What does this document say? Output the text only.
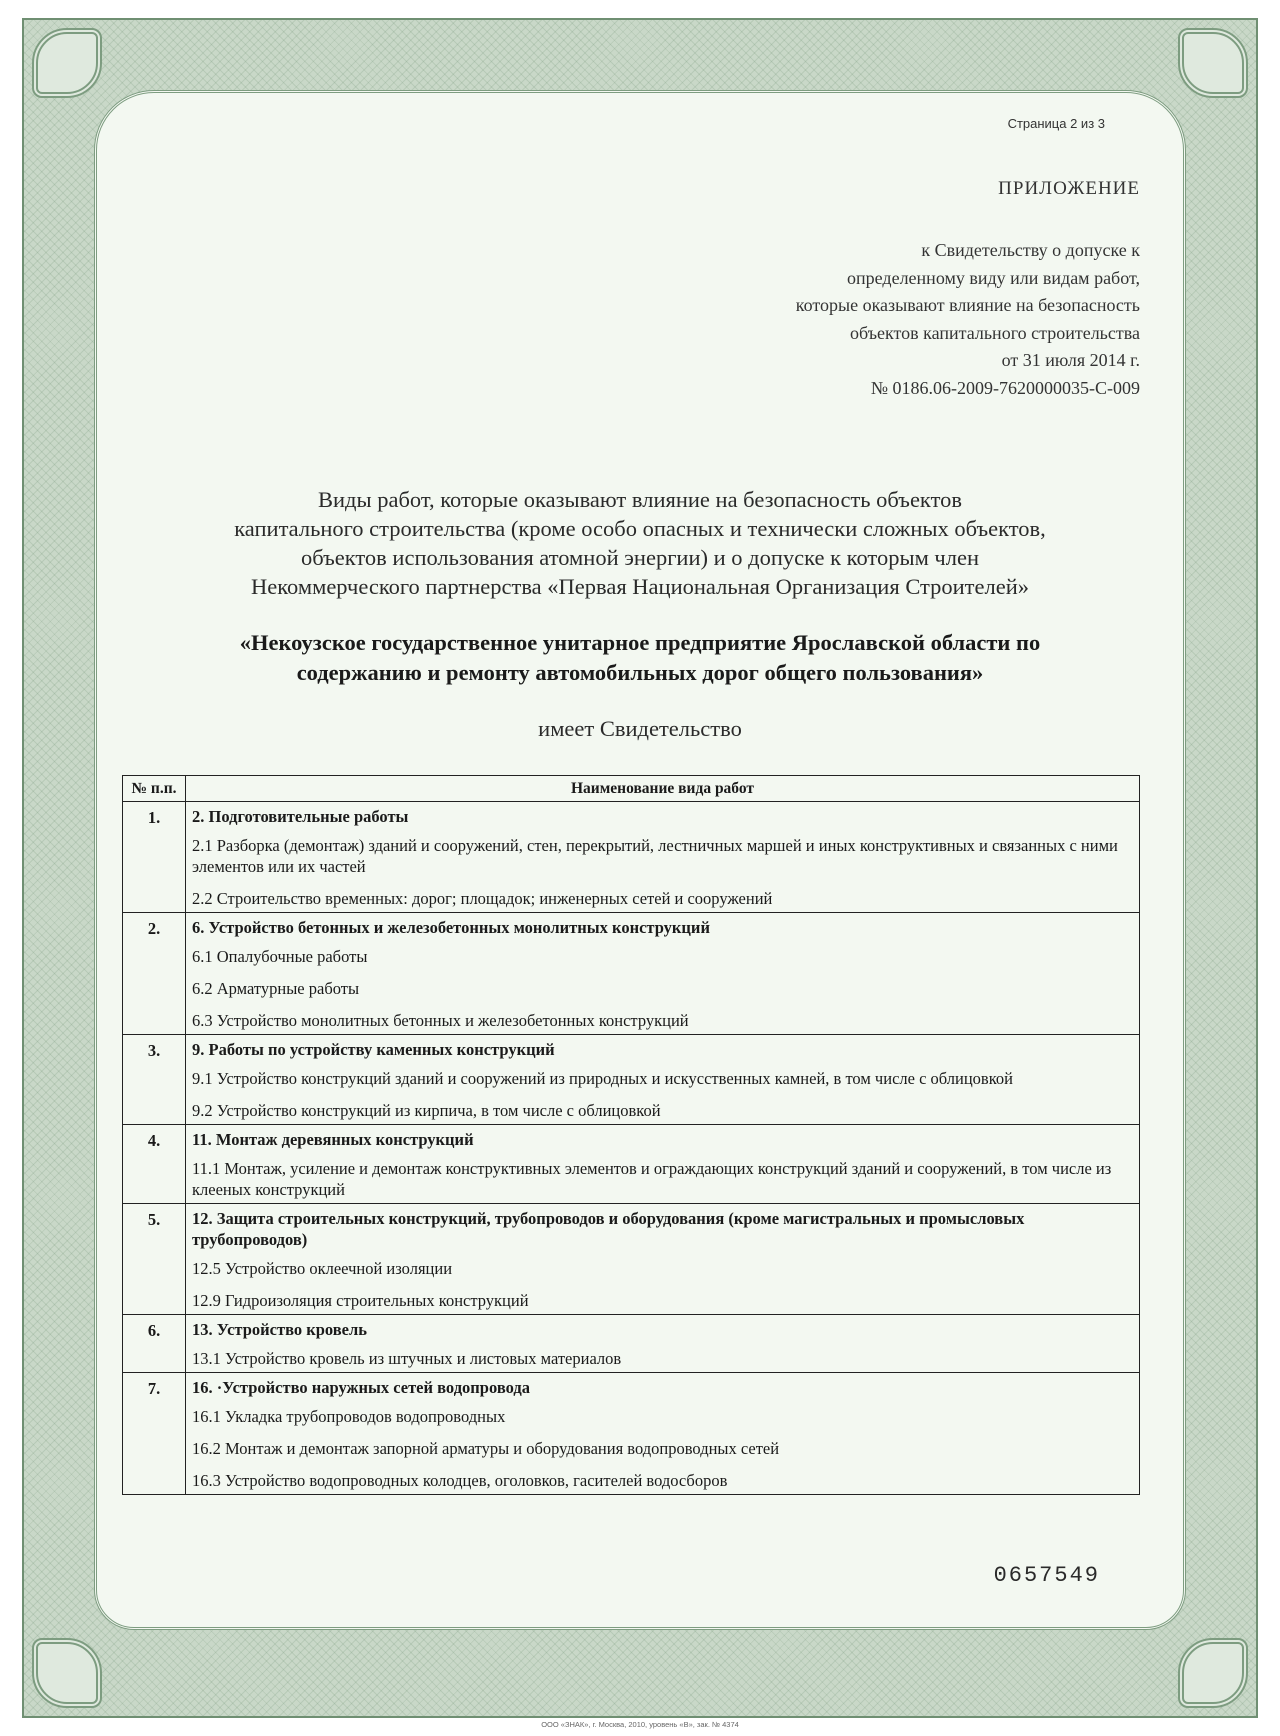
Страница 2 из 3
ПРИЛОЖЕНИЕ
к Свидетельству о допуске к
определенному виду или видам работ,
которые оказывают влияние на безопасность
объектов капитального строительства
от 31 июля 2014 г.
№ 0186.06-2009-7620000035-С-009
Виды работ, которые оказывают влияние на безопасность объектов
капитального строительства (кроме особо опасных и технически сложных объектов,
объектов использования атомной энергии) и о допуске к которым член
Некоммерческого партнерства «Первая Национальная Организация Строителей»
«Некоузское государственное унитарное предприятие Ярославской области по
содержанию и ремонту автомобильных дорог общего пользования»
имеет Свидетельство
№ п.п.	Наименование вида работ
1.	2. Подготовительные работы
2.1 Разборка (демонтаж) зданий и сооружений, стен, перекрытий, лестничных маршей и иных конструктивных и связанных с ними элементов или их частей
2.2 Строительство временных: дорог; площадок; инженерных сетей и сооружений

2.	6. Устройство бетонных и железобетонных монолитных конструкций
6.1 Опалубочные работы
6.2 Арматурные работы
6.3 Устройство монолитных бетонных и железобетонных конструкций

3.	9. Работы по устройству каменных конструкций
9.1 Устройство конструкций зданий и сооружений из природных и искусственных камней, в том числе с облицовкой
9.2 Устройство конструкций из кирпича, в том числе с облицовкой

4.	11. Монтаж деревянных конструкций
11.1 Монтаж, усиление и демонтаж конструктивных элементов и ограждающих конструкций зданий и сооружений, в том числе из клееных конструкций

5.	12. Защита строительных конструкций, трубопроводов и оборудования (кроме магистральных и промысловых трубопроводов)
12.5 Устройство оклеечной изоляции
12.9 Гидроизоляция строительных конструкций

6.	13. Устройство кровель
13.1 Устройство кровель из штучных и листовых материалов

7.	16. ·Устройство наружных сетей водопровода
16.1 Укладка трубопроводов водопроводных
16.2 Монтаж и демонтаж запорной арматуры и оборудования водопроводных сетей
16.3 Устройство водопроводных колодцев, оголовков, гасителей водосборов
0657549
ООО «ЗНАК», г. Москва, 2010, уровень «В», зак. № 4374
